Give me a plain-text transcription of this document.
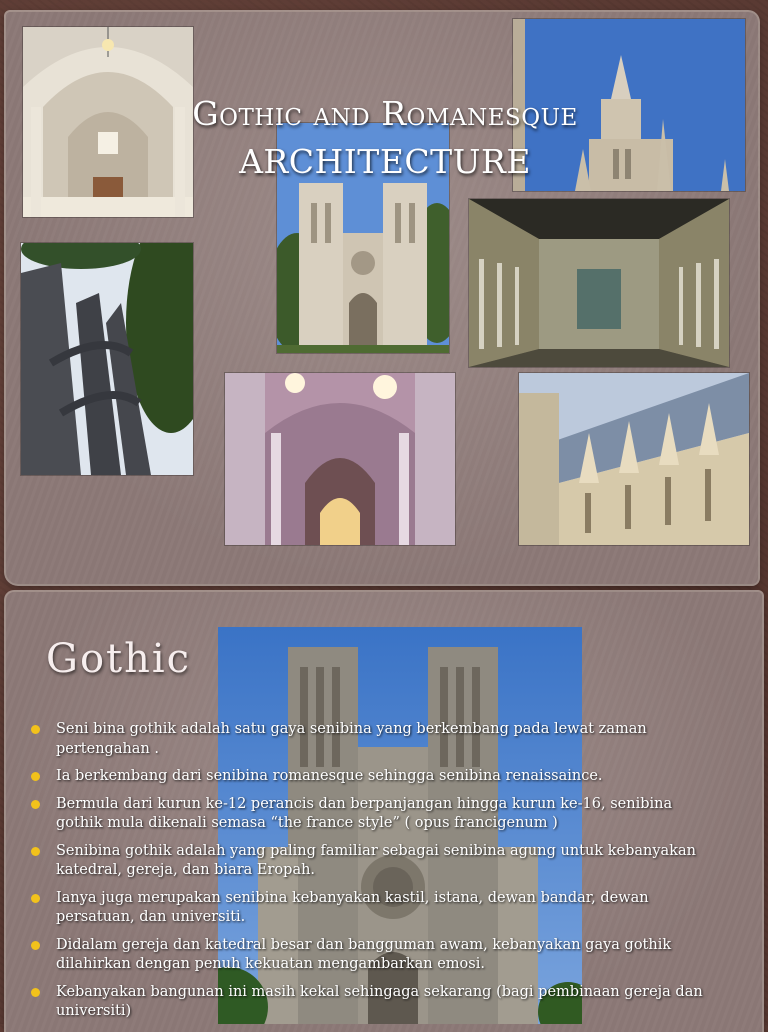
Gothic and Romanesque
ARCHITECTURE
Gothic
Seni bina gothik adalah satu gaya senibina yang berkembang pada lewat zaman pertengahan .
Ia berkembang dari senibina romanesque sehingga senibina renaissaince.
Bermula dari kurun ke-12 perancis dan berpanjangan hingga kurun ke-16, senibina gothik mula dikenali semasa “the france style” ( opus francigenum )
Senibina gothik adalah yang paling familiar sebagai senibina agung untuk kebanyakan katedral, gereja, dan biara Eropah.
Ianya juga merupakan senibina kebanyakan kastil, istana, dewan bandar, dewan persatuan, dan universiti.
Didalam gereja dan katedral besar dan bangguman awam, kebanyakan gaya gothik dilahirkan dengan penuh kekuatan mengambarkan emosi.
Kebanyakan bangunan ini masih kekal sehingaga sekarang (bagi pembinaan gereja dan universiti)
